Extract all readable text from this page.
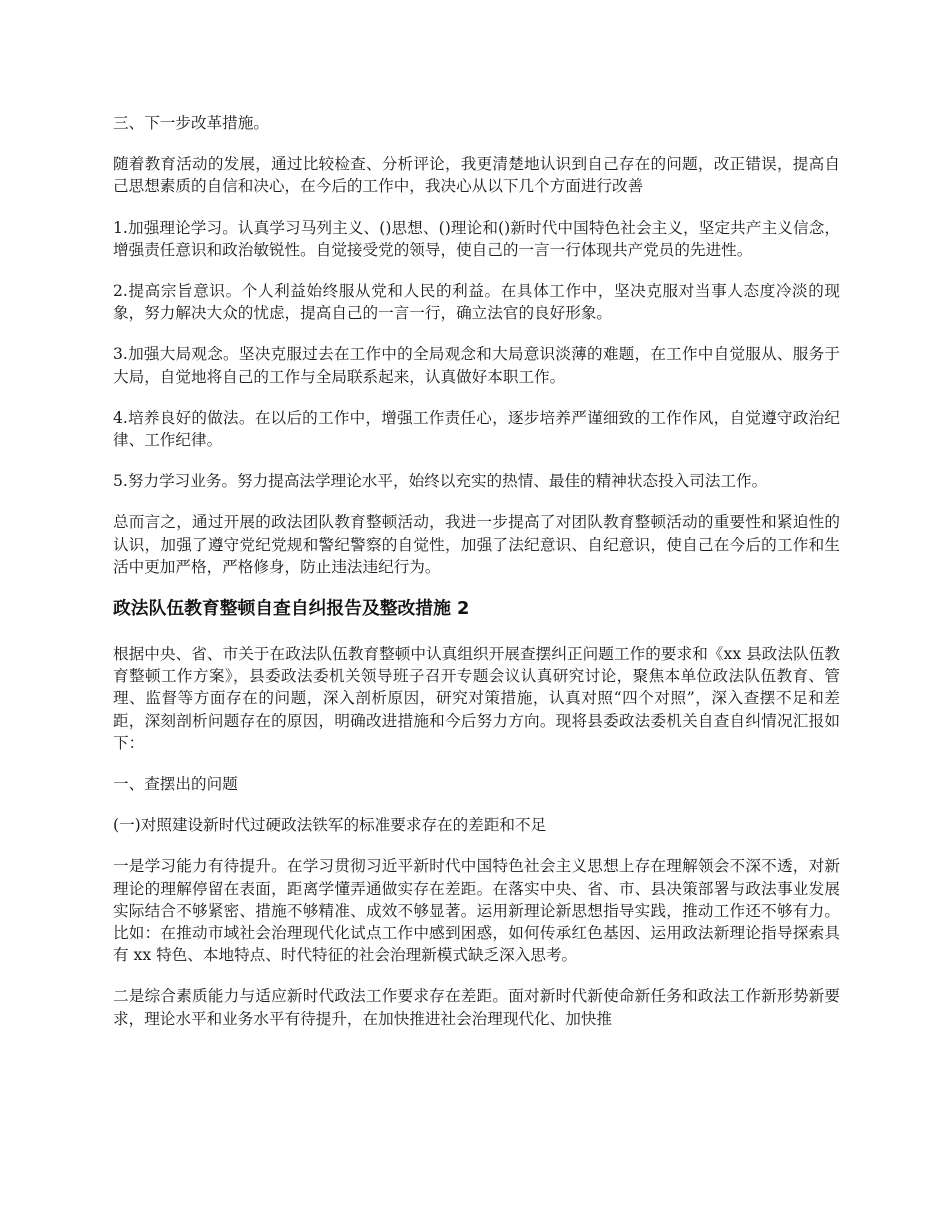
三、下一步改革措施。

随着教育活动的发展，通过比较检查、分析评论，我更清楚地认识到自己存在的问题，改正错误，提高自己思想素质的自信和决心，在今后的工作中，我决心从以下几个方面进行改善

1.加强理论学习。认真学习马列主义、()思想、()理论和()新时代中国特色社会主义，坚定共产主义信念，增强责任意识和政治敏锐性。自觉接受党的领导，使自己的一言一行体现共产党员的先进性。

2.提高宗旨意识。个人利益始终服从党和人民的利益。在具体工作中，坚决克服对当事人态度冷淡的现象，努力解决大众的忧虑，提高自己的一言一行，确立法官的良好形象。

3.加强大局观念。坚决克服过去在工作中的全局观念和大局意识淡薄的难题，在工作中自觉服从、服务于大局，自觉地将自己的工作与全局联系起来，认真做好本职工作。

4.培养良好的做法。在以后的工作中，增强工作责任心，逐步培养严谨细致的工作作风，自觉遵守政治纪律、工作纪律。

5.努力学习业务。努力提高法学理论水平，始终以充实的热情、最佳的精神状态投入司法工作。

总而言之，通过开展的政法团队教育整顿活动，我进一步提高了对团队教育整顿活动的重要性和紧迫性的认识，加强了遵守党纪党规和警纪警察的自觉性，加强了法纪意识、自纪意识，使自己在今后的工作和生活中更加严格，严格修身，防止违法违纪行为。

政法队伍教育整顿自查自纠报告及整改措施 2

根据中央、省、市关于在政法队伍教育整顿中认真组织开展查摆纠正问题工作的要求和《xx 县政法队伍教育整顿工作方案》，县委政法委机关领导班子召开专题会议认真研究讨论，聚焦本单位政法队伍教育、管理、监督等方面存在的问题，深入剖析原因，研究对策措施，认真对照“四个对照”，深入查摆不足和差距，深刻剖析问题存在的原因，明确改进措施和今后努力方向。现将县委政法委机关自查自纠情况汇报如下：

一、查摆出的问题

(一)对照建设新时代过硬政法铁军的标准要求存在的差距和不足

一是学习能力有待提升。在学习贯彻习近平新时代中国特色社会主义思想上存在理解领会不深不透，对新理论的理解停留在表面，距离学懂弄通做实存在差距。在落实中央、省、市、县决策部署与政法事业发展实际结合不够紧密、措施不够精准、成效不够显著。运用新理论新思想指导实践，推动工作还不够有力。比如：在推动市域社会治理现代化试点工作中感到困惑，如何传承红色基因、运用政法新理论指导探索具有 xx 特色、本地特点、时代特征的社会治理新模式缺乏深入思考。

二是综合素质能力与适应新时代政法工作要求存在差距。面对新时代新使命新任务和政法工作新形势新要求，理论水平和业务水平有待提升，在加快推进社会治理现代化、加快推
